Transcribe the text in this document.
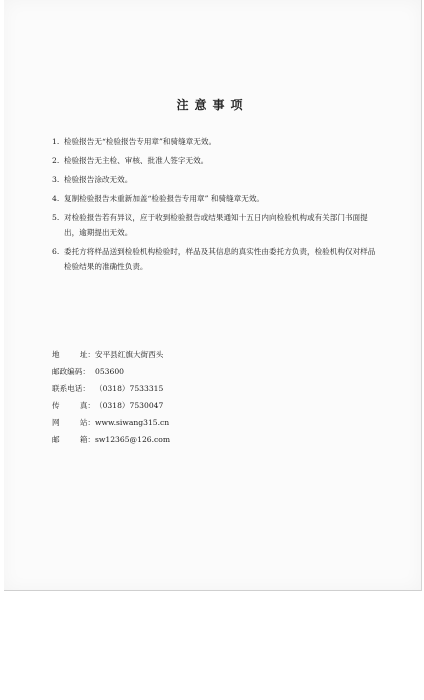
注意事项
1. 检验报告无“检验报告专用章”和骑缝章无效。
2. 检验报告无主检、审核、批准人签字无效。
3. 检验报告涂改无效。
4. 复制检验报告未重新加盖“检验报告专用章” 和骑缝章无效。
5. 对检验报告若有异议，应于收到检验报告或结果通知十五日内向检验机构或有关部门书面提出，逾期提出无效。
6. 委托方将样品送到检验机构检验时，样品及其信息的真实性由委托方负责，检验机构仅对样品检验结果的准确性负责。
地	址： 安平县红旗大街西头
邮政编码： 053600
联系电话： （0318）7533315
传	真： （0318）7530047
网	站： www.siwang315.cn
邮	箱： sw12365@126.com
